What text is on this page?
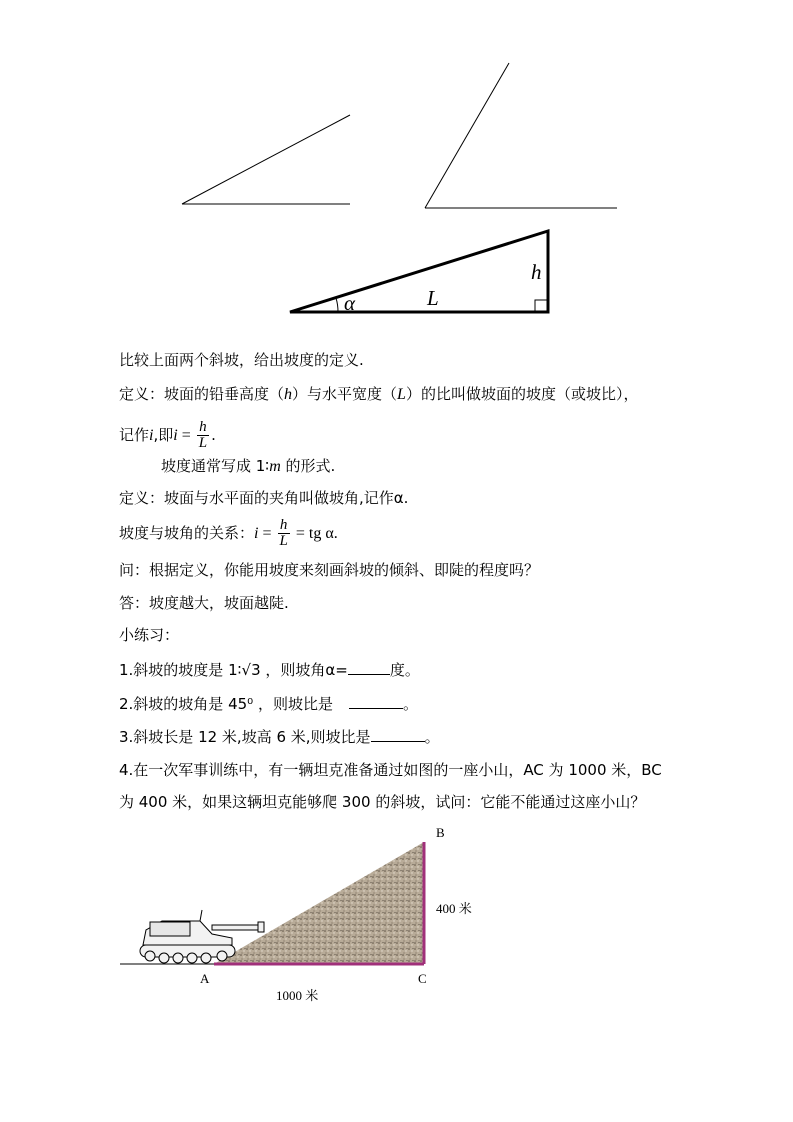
h
L
α
比较上面两个斜坡，给出坡度的定义.
定义：坡面的铅垂高度（h）与水平宽度（L）的比叫做坡面的坡度（或坡比），
记作i,即$i = \frac{h}{L}$ .
坡度通常写成 1∶m 的形式.
定义：坡面与水平面的夹角叫做坡角,记作α.
坡度与坡角的关系：$i = \frac{h}{L}$ = tg α.
问：根据定义，你能用坡度来刻画斜坡的倾斜、即陡的程度吗？
答：坡度越大，坡面越陡.
小练习：
1.斜坡的坡度是 1∶√3 ，则坡角α=	度。
2.斜坡的坡角是 45⁰ ，则坡比是	。
3.斜坡长是 12 米,坡高 6 米,则坡比是	。
4.在一次军事训练中，有一辆坦克准备通过如图的一座小山，AC 为 1000 米，BC
为 400 米，如果这辆坦克能够爬 300 的斜坡，试问：它能不能通过这座小山？
B
400 米
A	C
1000 米
